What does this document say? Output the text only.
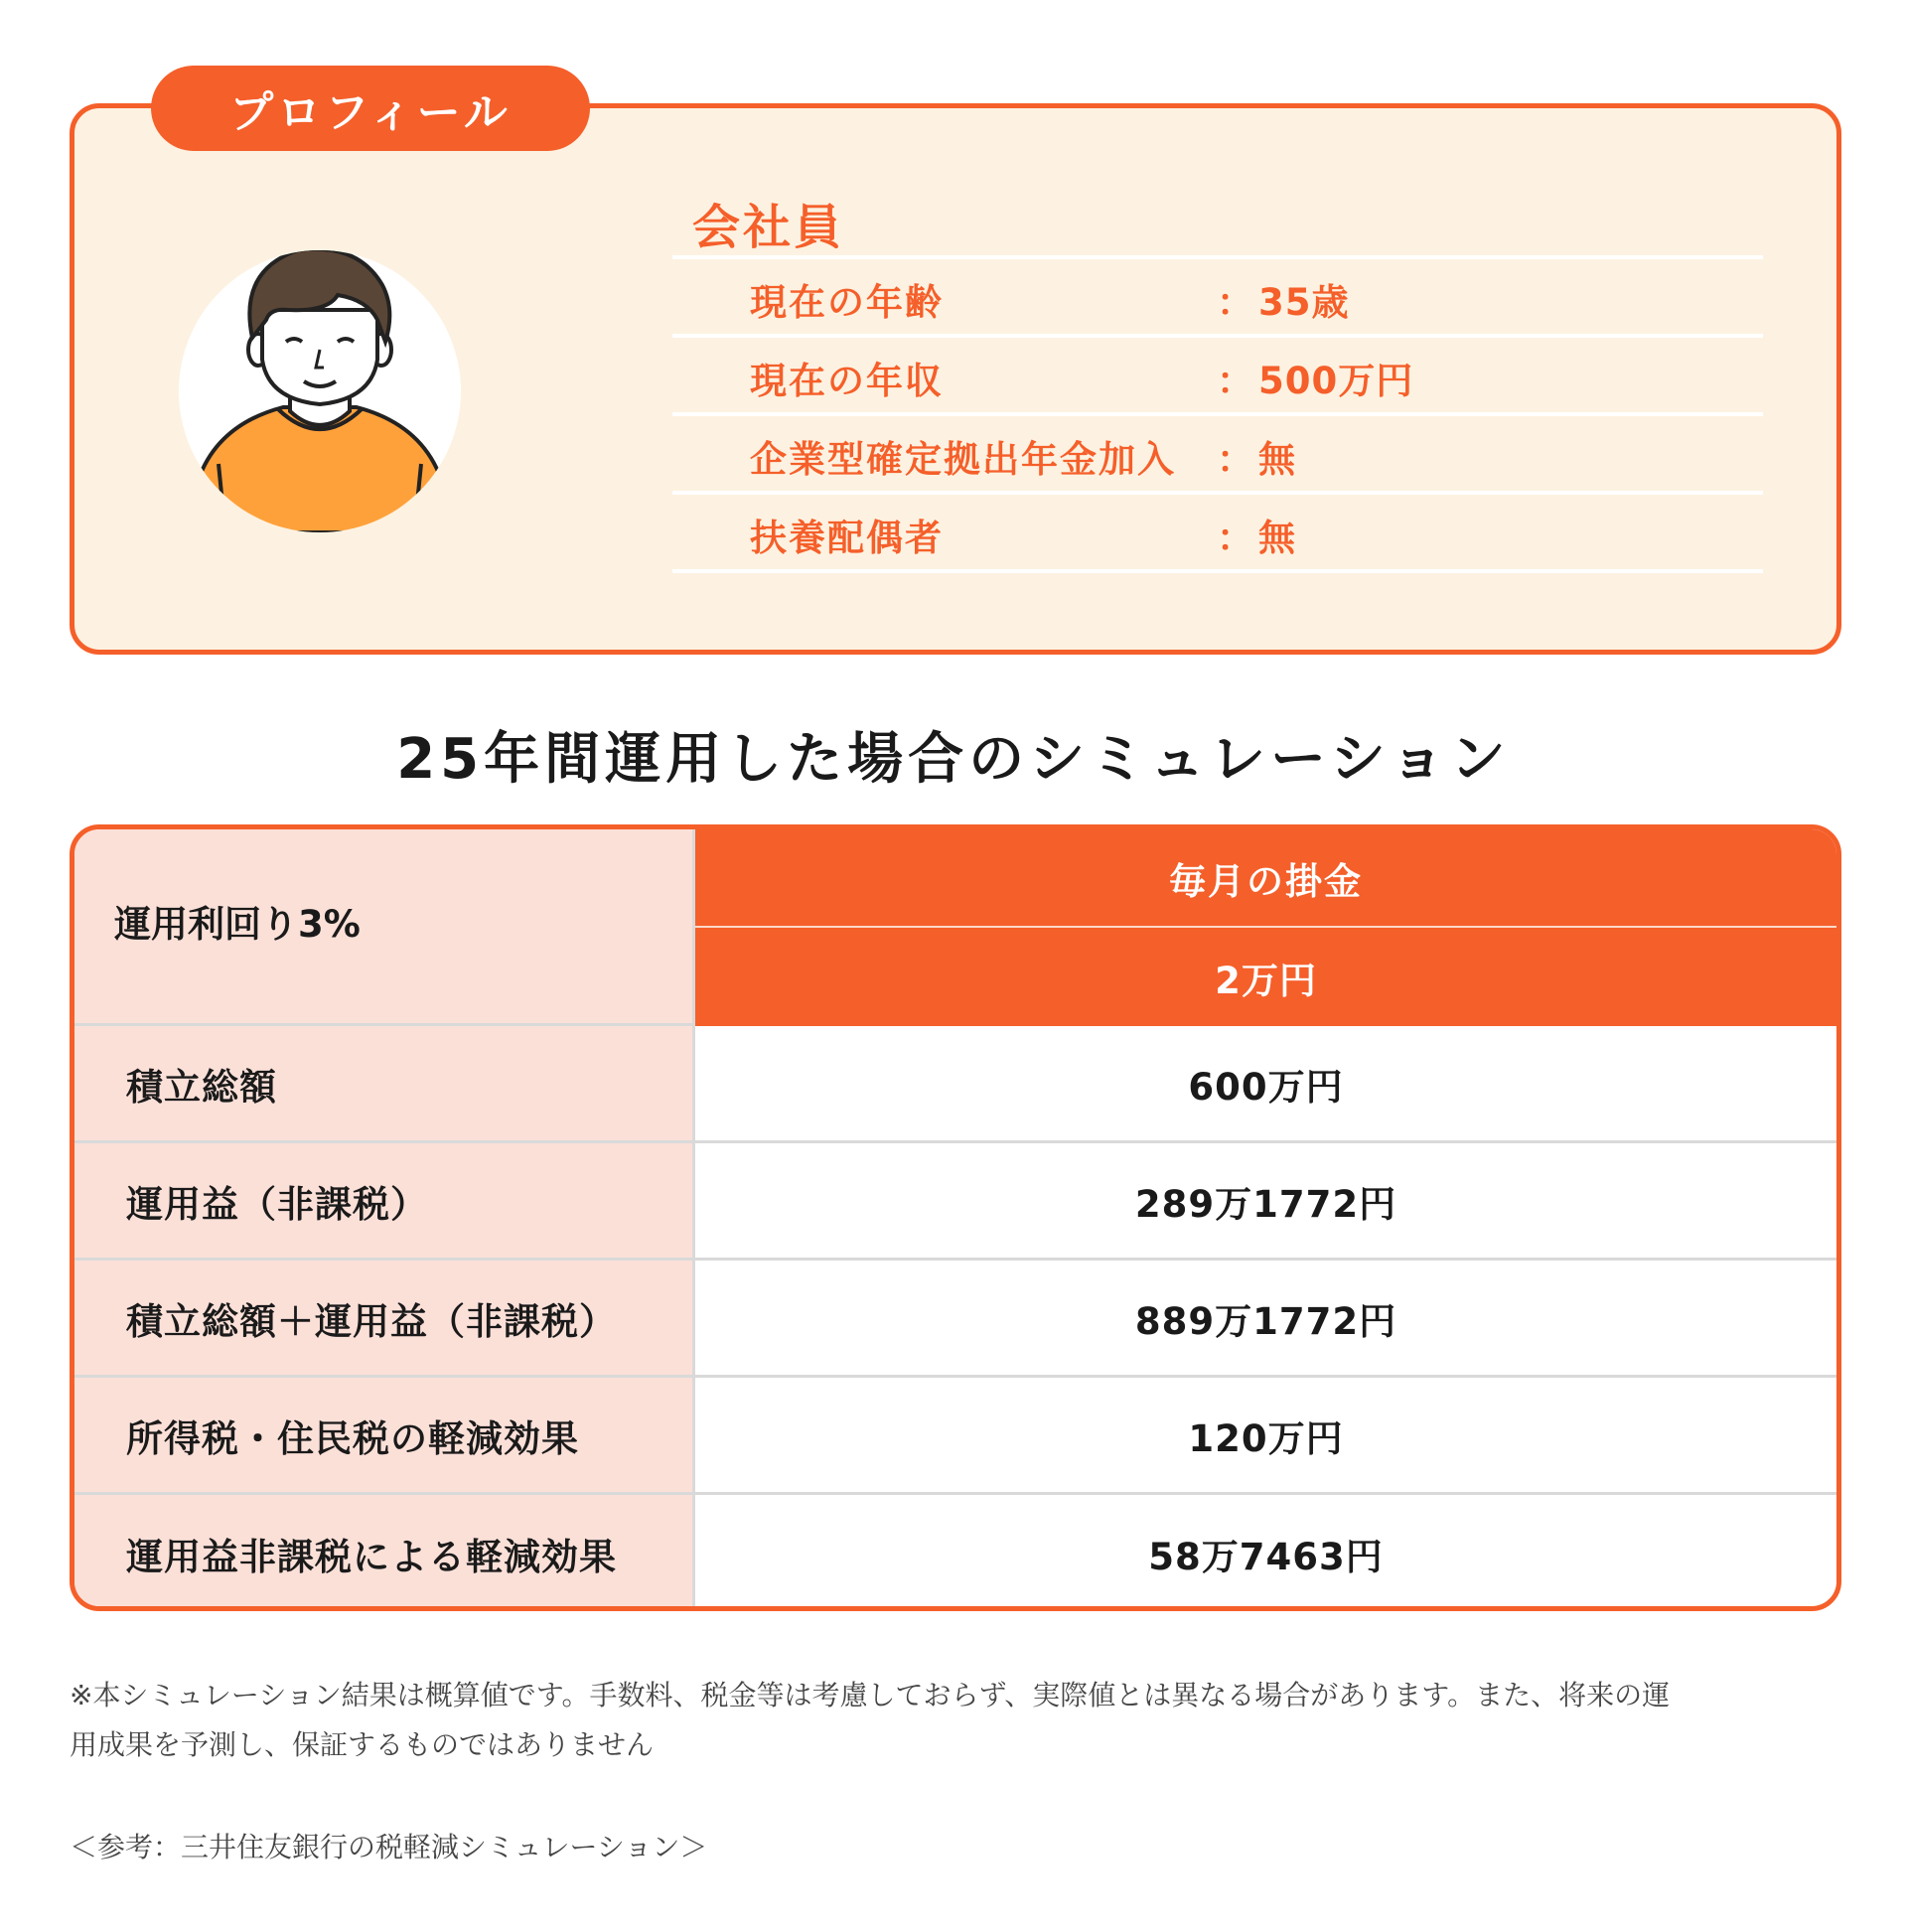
プロフィール
会社員
現在の年齢	： 35歳
現在の年収	： 500万円
企業型確定拠出年金加入	： 無
扶養配偶者	： 無
25年間運用した場合のシミュレーション
運用利回り3%
毎月の掛金
2万円
積立総額	600万円
運用益（非課税）	289万1772円
積立総額＋運用益（非課税）	889万1772円
所得税・住民税の軽減効果	120万円
運用益非課税による軽減効果	58万7463円
※本シミュレーション結果は概算値です。手数料、税金等は考慮しておらず、実際値とは異なる場合があります。また、将来の運
用成果を予測し、保証するものではありません
＜参考：三井住友銀行の税軽減シミュレーション＞
